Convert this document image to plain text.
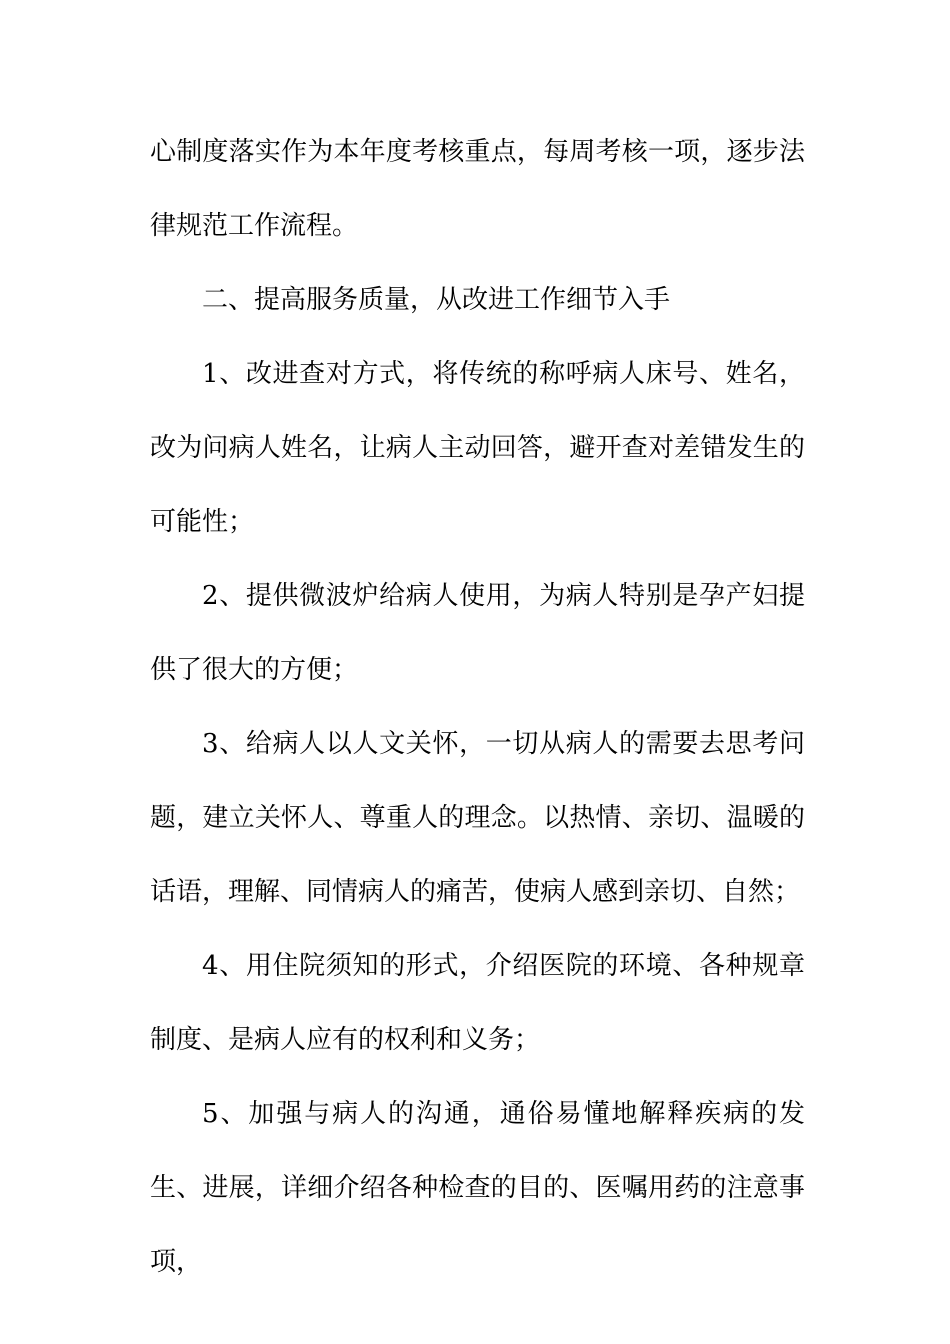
心制度落实作为本年度考核重点，每周考核一项，逐步法律规范工作流程。

二、提高服务质量，从改进工作细节入手

1、改进查对方式，将传统的称呼病人床号、姓名，改为问病人姓名，让病人主动回答，避开查对差错发生的可能性；

2、提供微波炉给病人使用，为病人特别是孕产妇提供了很大的方便；

3、给病人以人文关怀，一切从病人的需要去思考问题，建立关怀人、尊重人的理念。以热情、亲切、温暖的话语，理解、同情病人的痛苦，使病人感到亲切、自然；

4、用住院须知的形式，介绍医院的环境、各种规章制度、是病人应有的权利和义务；

5、加强与病人的沟通，通俗易懂地解释疾病的发生、进展，详细介绍各种检查的目的、医嘱用药的注意事项，
